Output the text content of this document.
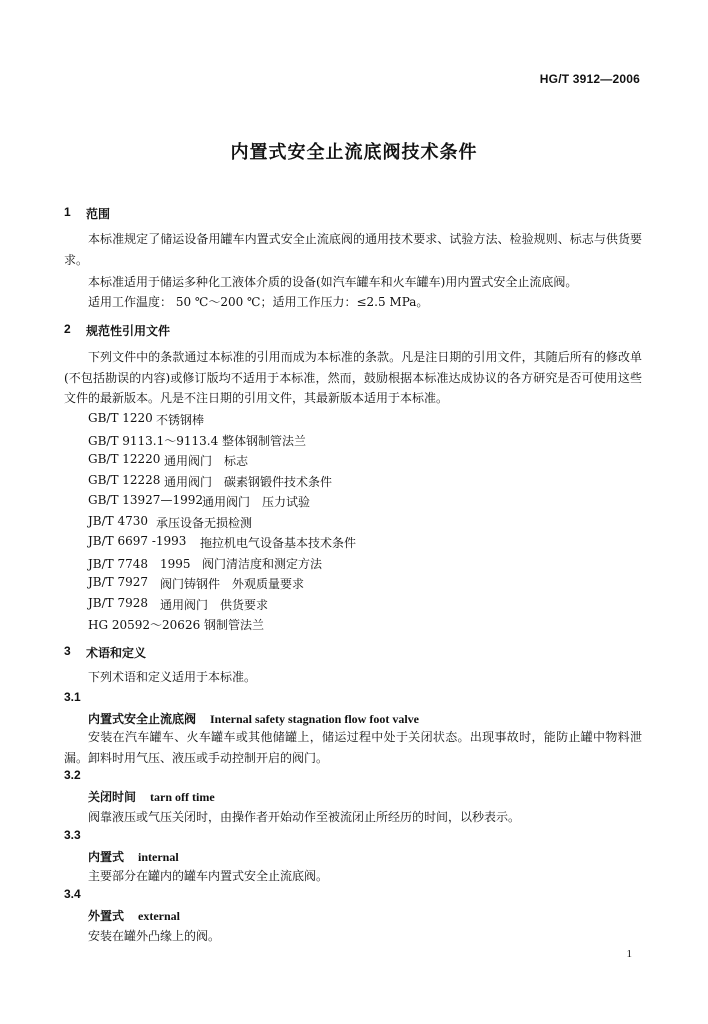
HG/T 3912—2006
内置式安全止流底阀技术条件
1	范围
本标准规定了储运设备用罐车内置式安全止流底阀的通用技术要求、试验方法、检验规则、标志与供货要求。
本标准适用于储运多种化工液体介质的设备(如汽车罐车和火车罐车)用内置式安全止流底阀。
适用工作温度： 50 ℃～200 ℃；适用工作压力：≤2.5 MPa。
2	规范性引用文件
下列文件中的条款通过本标准的引用而成为本标准的条款。凡是注日期的引用文件，其随后所有的修改单(不包括勘误的内容)或修订版均不适用于本标准，然而，鼓励根据本标准达成协议的各方研究是否可使用这些文件的最新版本。凡是不注日期的引用文件，其最新版本适用于本标准。
GB/T 1220 不锈钢棒
GB/T 9113.1～9113.4 整体钢制管法兰
GB/T 12220 通用阀门　标志
GB/T 12228 通用阀门　碳素钢锻件技术条件
GB/T 13927—1992 通用阀门　压力试验
JB/T 4730 承压设备无损检测
JB/T 6697 -1993 拖拉机电气设备基本技术条件
JB/T 7748　1995 阀门清洁度和测定方法
JB/T 7927 阀门铸钢件　外观质量要求
JB/T 7928 通用阀门　供货要求
HG 20592～20626 钢制管法兰
3	术语和定义
下列术语和定义适用于本标准。
3.1
内置式安全止流底阀 Internal safety stagnation flow foot valve
安装在汽车罐车、火车罐车或其他储罐上，储运过程中处于关闭状态。出现事故时，能防止罐中物料泄漏。卸料时用气压、液压或手动控制开启的阀门。
3.2
关闭时间 tarn off time
阀靠液压或气压关闭时，由操作者开始动作至被流闭止所经历的时间，以秒表示。
3.3
内置式 internal
主要部分在罐内的罐车内置式安全止流底阀。
3.4
外置式 external
安装在罐外凸缘上的阀。
1
